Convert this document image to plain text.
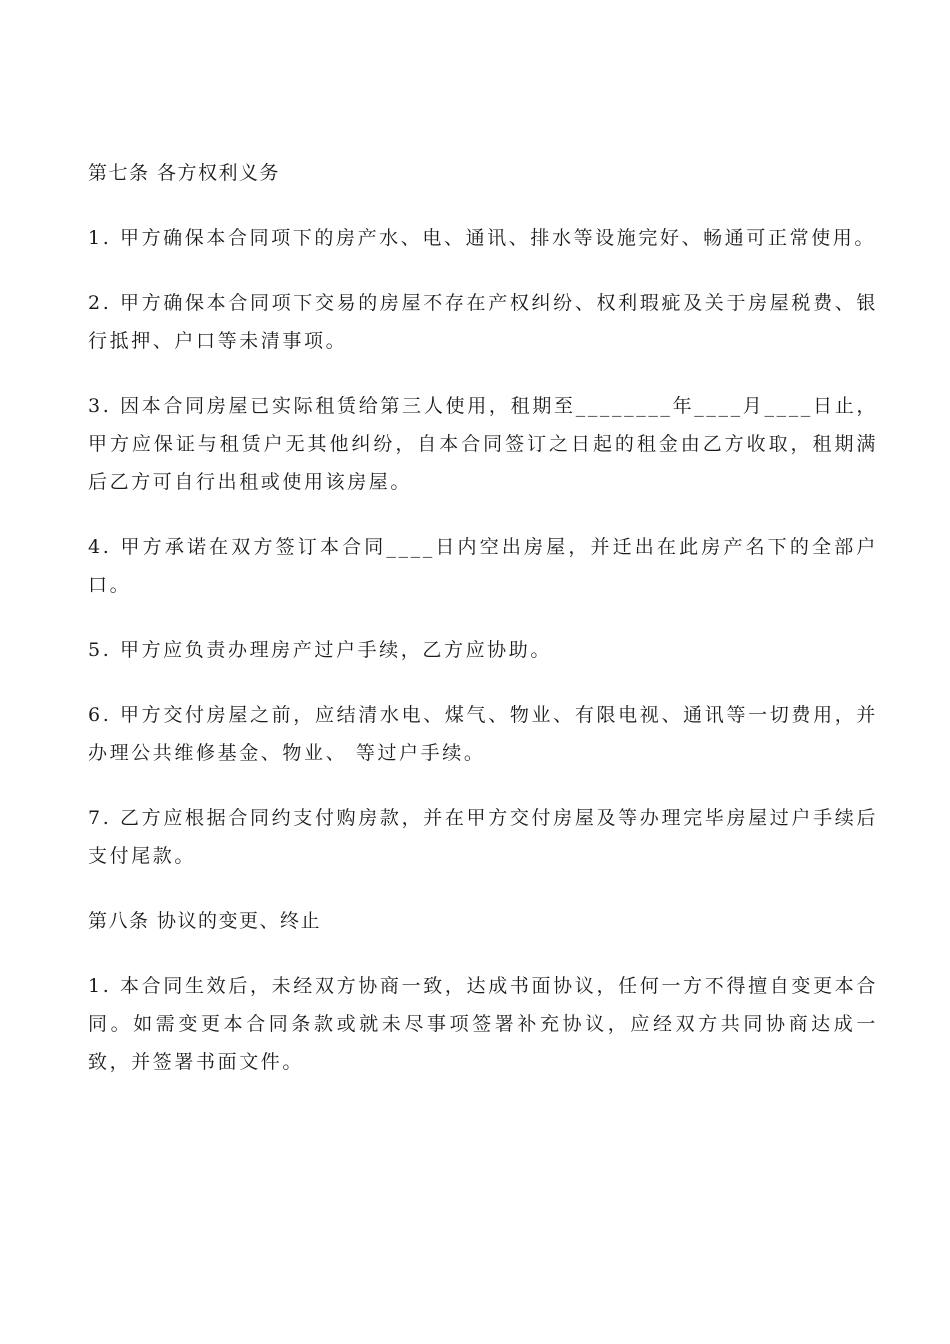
第七条 各方权利义务

1. 甲方确保本合同项下的房产水、电、通讯、排水等设施完好、畅通可正常使用。

2. 甲方确保本合同项下交易的房屋不存在产权纠纷、权利瑕疵及关于房屋税费、银行抵押、户口等未清事项。

3. 因本合同房屋已实际租赁给第三人使用，租期至________年____月____日止，甲方应保证与租赁户无其他纠纷，自本合同签订之日起的租金由乙方收取，租期满后乙方可自行出租或使用该房屋。

4. 甲方承诺在双方签订本合同____日内空出房屋，并迁出在此房产名下的全部户口。

5. 甲方应负责办理房产过户手续，乙方应协助。

6. 甲方交付房屋之前，应结清水电、煤气、物业、有限电视、通讯等一切费用，并办理公共维修基金、物业、 等过户手续。

7. 乙方应根据合同约支付购房款，并在甲方交付房屋及等办理完毕房屋过户手续后支付尾款。

第八条 协议的变更、终止

1. 本合同生效后，未经双方协商一致，达成书面协议，任何一方不得擅自变更本合同。如需变更本合同条款或就未尽事项签署补充协议，应经双方共同协商达成一致，并签署书面文件。
